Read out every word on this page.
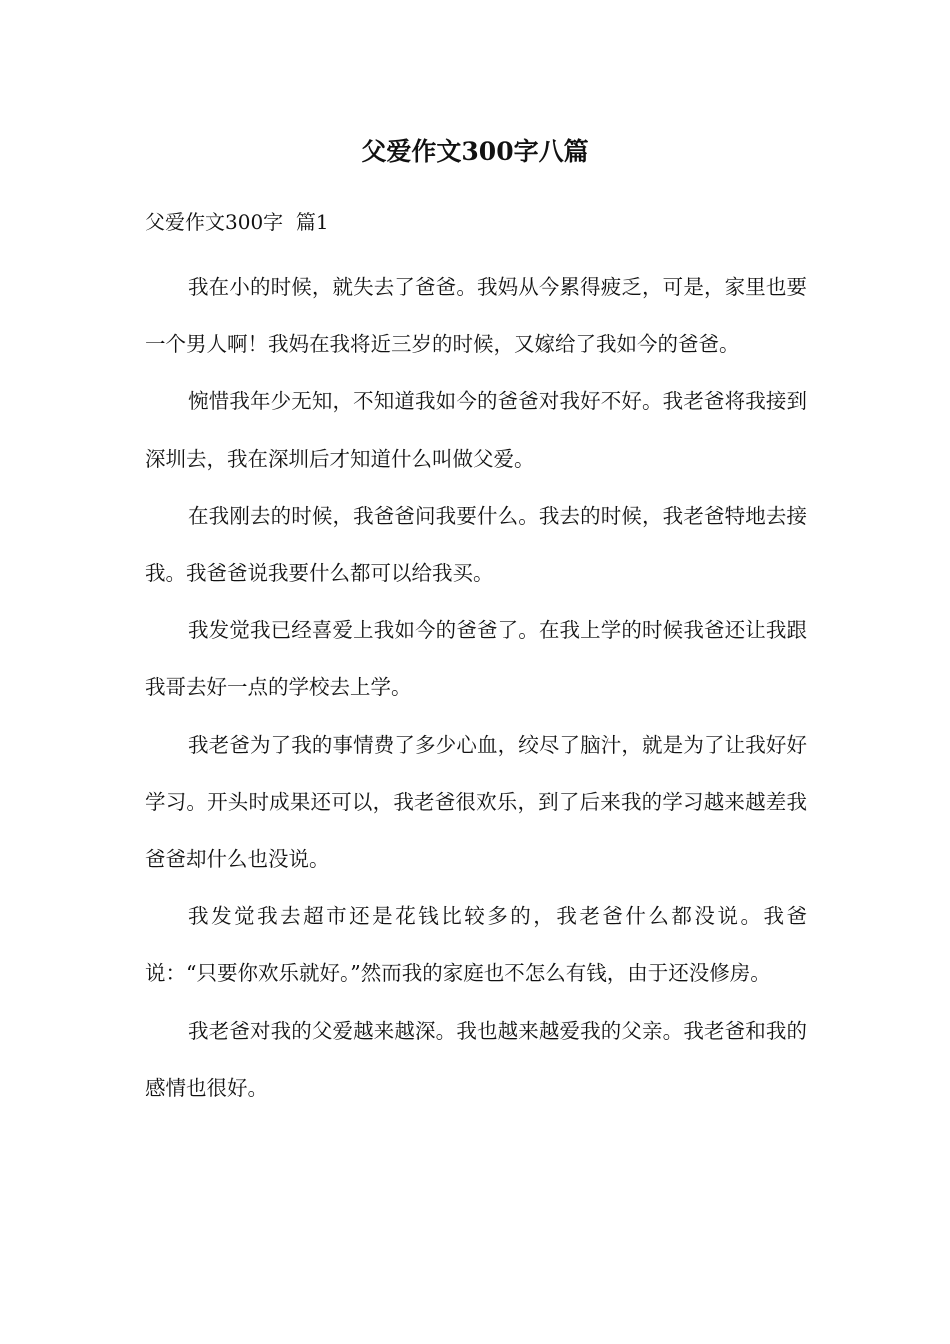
父爱作文300字八篇
父爱作文300字  篇1

我在小的时候，就失去了爸爸。我妈从今累得疲乏，可是，家里也要一个男人啊！我妈在我将近三岁的时候，又嫁给了我如今的爸爸。

惋惜我年少无知，不知道我如今的爸爸对我好不好。我老爸将我接到深圳去，我在深圳后才知道什么叫做父爱。

在我刚去的时候，我爸爸问我要什么。我去的时候，我老爸特地去接我。我爸爸说我要什么都可以给我买。

我发觉我已经喜爱上我如今的爸爸了。在我上学的时候我爸还让我跟我哥去好一点的学校去上学。

我老爸为了我的事情费了多少心血，绞尽了脑汁，就是为了让我好好学习。开头时成果还可以，我老爸很欢乐，到了后来我的学习越来越差我爸爸却什么也没说。

我发觉我去超市还是花钱比较多的，我老爸什么都没说。我爸说：“只要你欢乐就好。”然而我的家庭也不怎么有钱，由于还没修房。

我老爸对我的父爱越来越深。我也越来越爱我的父亲。我老爸和我的感情也很好。
